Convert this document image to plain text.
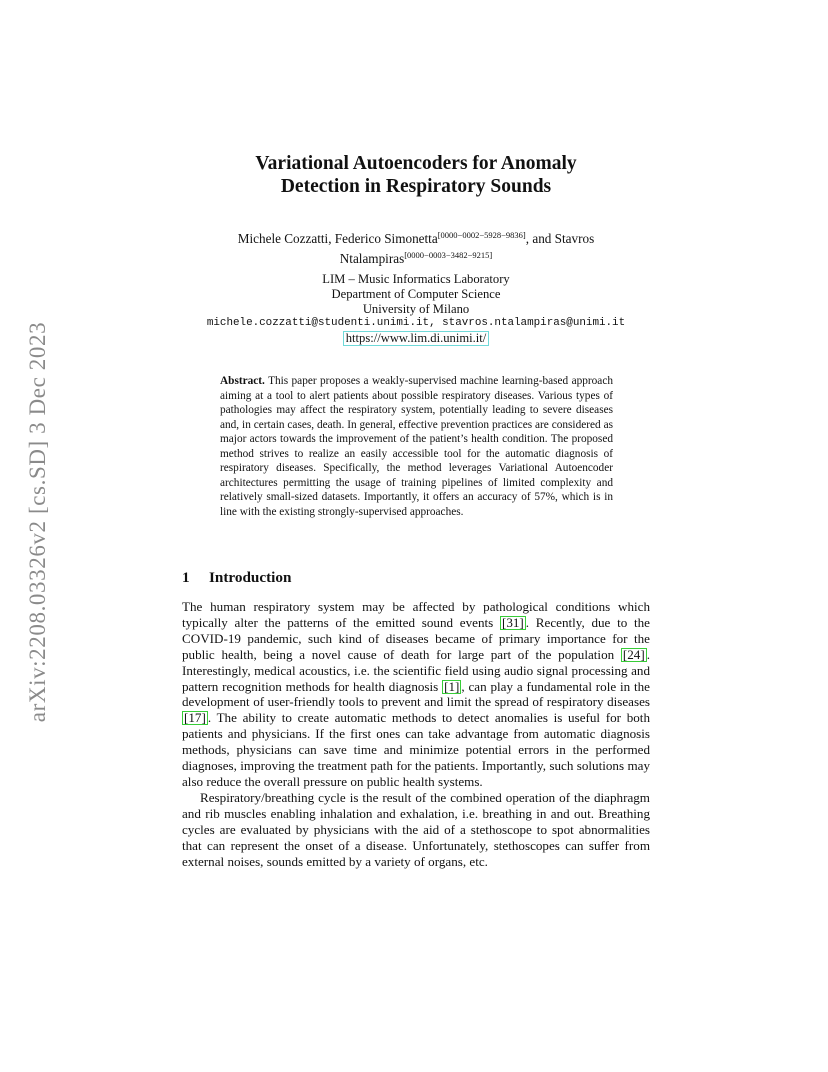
arXiv:2208.03326v2 [cs.SD] 3 Dec 2023
Variational Autoencoders for Anomaly
Detection in Respiratory Sounds
Michele Cozzatti, Federico Simonetta[0000−0002−5928−9836], and Stavros
Ntalampiras[0000−0003−3482−9215]
LIM – Music Informatics Laboratory
Department of Computer Science
University of Milano
michele.cozzatti@studenti.unimi.it, stavros.ntalampiras@unimi.it
https://www.lim.di.unimi.it/
Abstract. This paper proposes a weakly-supervised machine learning-based approach aiming at a tool to alert patients about possible respiratory diseases. Various types of pathologies may affect the respiratory system, potentially leading to severe diseases and, in certain cases, death. In general, effective prevention practices are considered as major actors towards the improvement of the patient’s health condition. The proposed method strives to realize an easily accessible tool for the automatic diagnosis of respiratory diseases. Specifically, the method leverages Variational Autoencoder architectures permitting the usage of training pipelines of limited complexity and relatively small-sized datasets. Importantly, it offers an accuracy of 57%, which is in line with the existing strongly-supervised approaches.
1 Introduction

The human respiratory system may be affected by pathological conditions which typically alter the patterns of the emitted sound events [31] . Recently, due to the COVID-19 pandemic, such kind of diseases became of primary importance for the public health, being a novel cause of death for large part of the population [24] . Interestingly, medical acoustics, i.e. the scientific field using audio signal processing and pattern recognition methods for health diagnosis [1] , can play a fundamental role in the development of user-friendly tools to prevent and limit the spread of respiratory diseases [17] . The ability to create automatic methods to detect anomalies is useful for both patients and physicians. If the first ones can take advantage from automatic diagnosis methods, physicians can save time and minimize potential errors in the performed diagnoses, improving the treatment path for the patients. Importantly, such solutions may also reduce the overall pressure on public health systems.

Respiratory/breathing cycle is the result of the combined operation of the diaphragm and rib muscles enabling inhalation and exhalation, i.e. breathing in and out. Breathing cycles are evaluated by physicians with the aid of a stethoscope to spot abnormalities that can represent the onset of a disease. Unfortunately, stethoscopes can suffer from external noises, sounds emitted by a variety of organs, etc.
